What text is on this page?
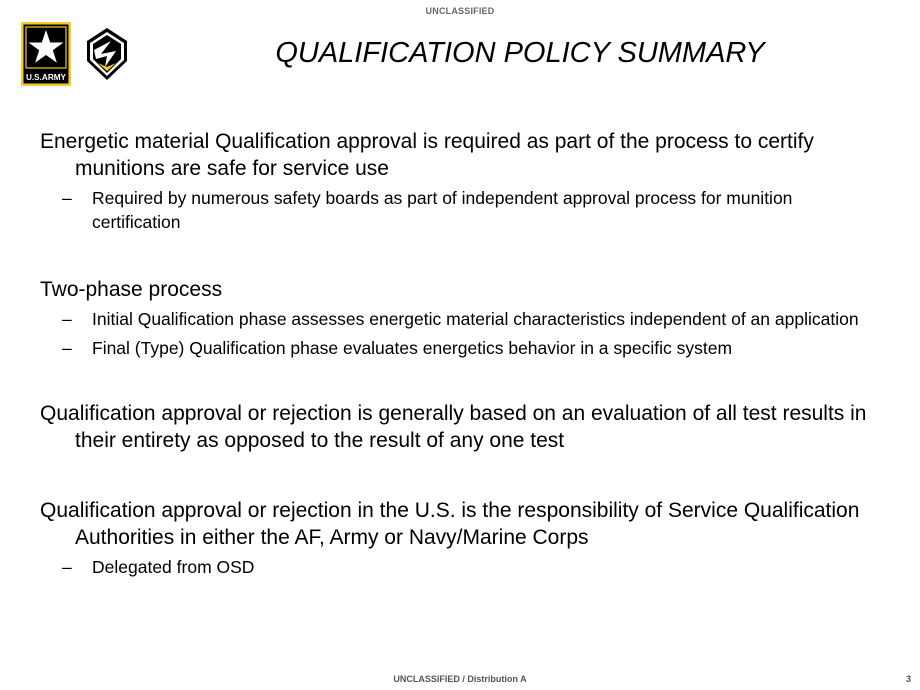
UNCLASSIFIED
U.S.ARMY
QUALIFICATION POLICY SUMMARY

Energetic material Qualification approval is required as part of the process to certify munitions are safe for service use

– Required by numerous safety boards as part of independent approval process for munition certification

Two-phase process

– Initial Qualification phase assesses energetic material characteristics independent of an application

– Final (Type) Qualification phase evaluates energetics behavior in a specific system

Qualification approval or rejection is generally based on an evaluation of all test results in their entirety as opposed to the result of any one test

Qualification approval or rejection in the U.S. is the responsibility of Service Qualification Authorities in either the AF, Army or Navy/Marine Corps

– Delegated from OSD

UNCLASSIFIED / Distribution A	3
